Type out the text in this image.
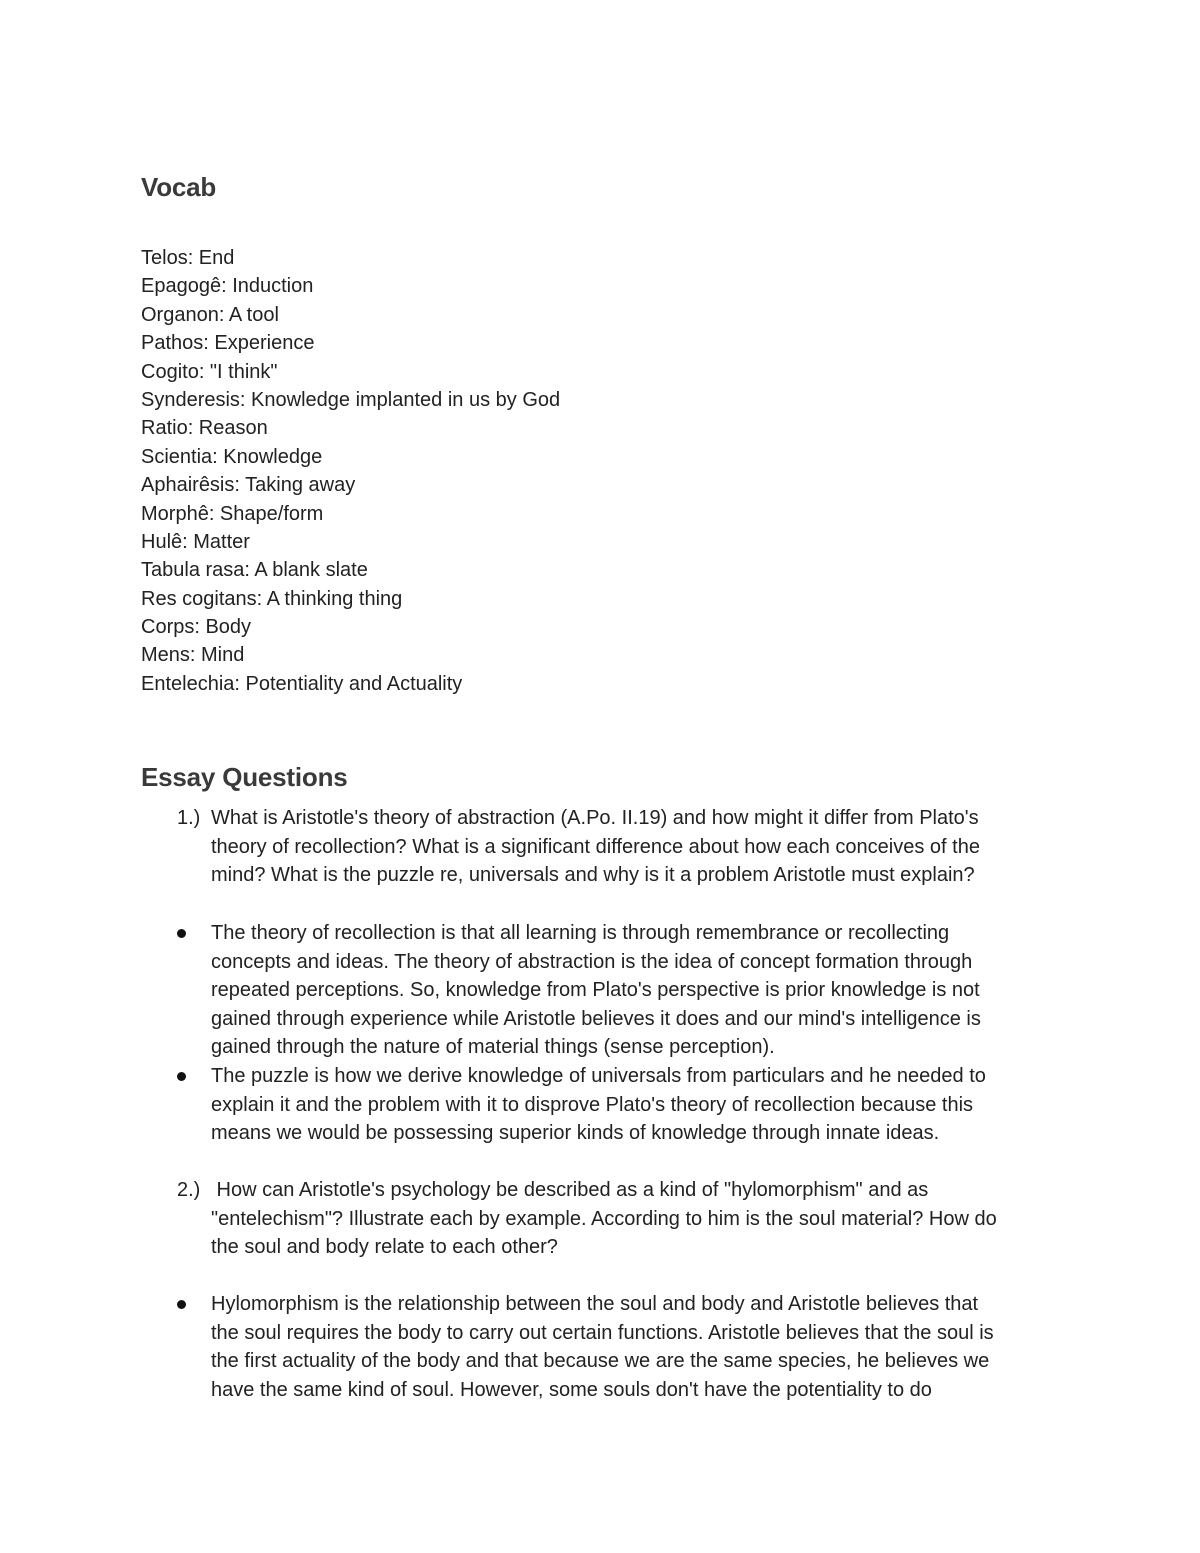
Vocab
Telos: End
Epagogê: Induction
Organon: A tool
Pathos: Experience
Cogito: "I think"
Synderesis: Knowledge implanted in us by God
Ratio: Reason
Scientia: Knowledge
Aphairêsis: Taking away
Morphê: Shape/form
Hulê: Matter
Tabula rasa: A blank slate
Res cogitans: A thinking thing
Corps: Body
Mens: Mind
Entelechia: Potentiality and Actuality
Essay Questions
1.) What is Aristotle's theory of abstraction (A.Po. II.19) and how might it differ from Plato's
theory of recollection? What is a significant difference about how each conceives of the
mind? What is the puzzle re, universals and why is it a problem Aristotle must explain?

The theory of recollection is that all learning is through remembrance or recollecting
concepts and ideas. The theory of abstraction is the idea of concept formation through
repeated perceptions. So, knowledge from Plato's perspective is prior knowledge is not
gained through experience while Aristotle believes it does and our mind's intelligence is
gained through the nature of material things (sense perception).

The puzzle is how we derive knowledge of universals from particulars and he needed to
explain it and the problem with it to disprove Plato's theory of recollection because this
means we would be possessing superior kinds of knowledge through innate ideas.

2.) How can Aristotle's psychology be described as a kind of "hylomorphism" and as
"entelechism"? Illustrate each by example. According to him is the soul material? How do
the soul and body relate to each other?

Hylomorphism is the relationship between the soul and body and Aristotle believes that
the soul requires the body to carry out certain functions. Aristotle believes that the soul is
the first actuality of the body and that because we are the same species, he believes we
have the same kind of soul. However, some souls don't have the potentiality to do
